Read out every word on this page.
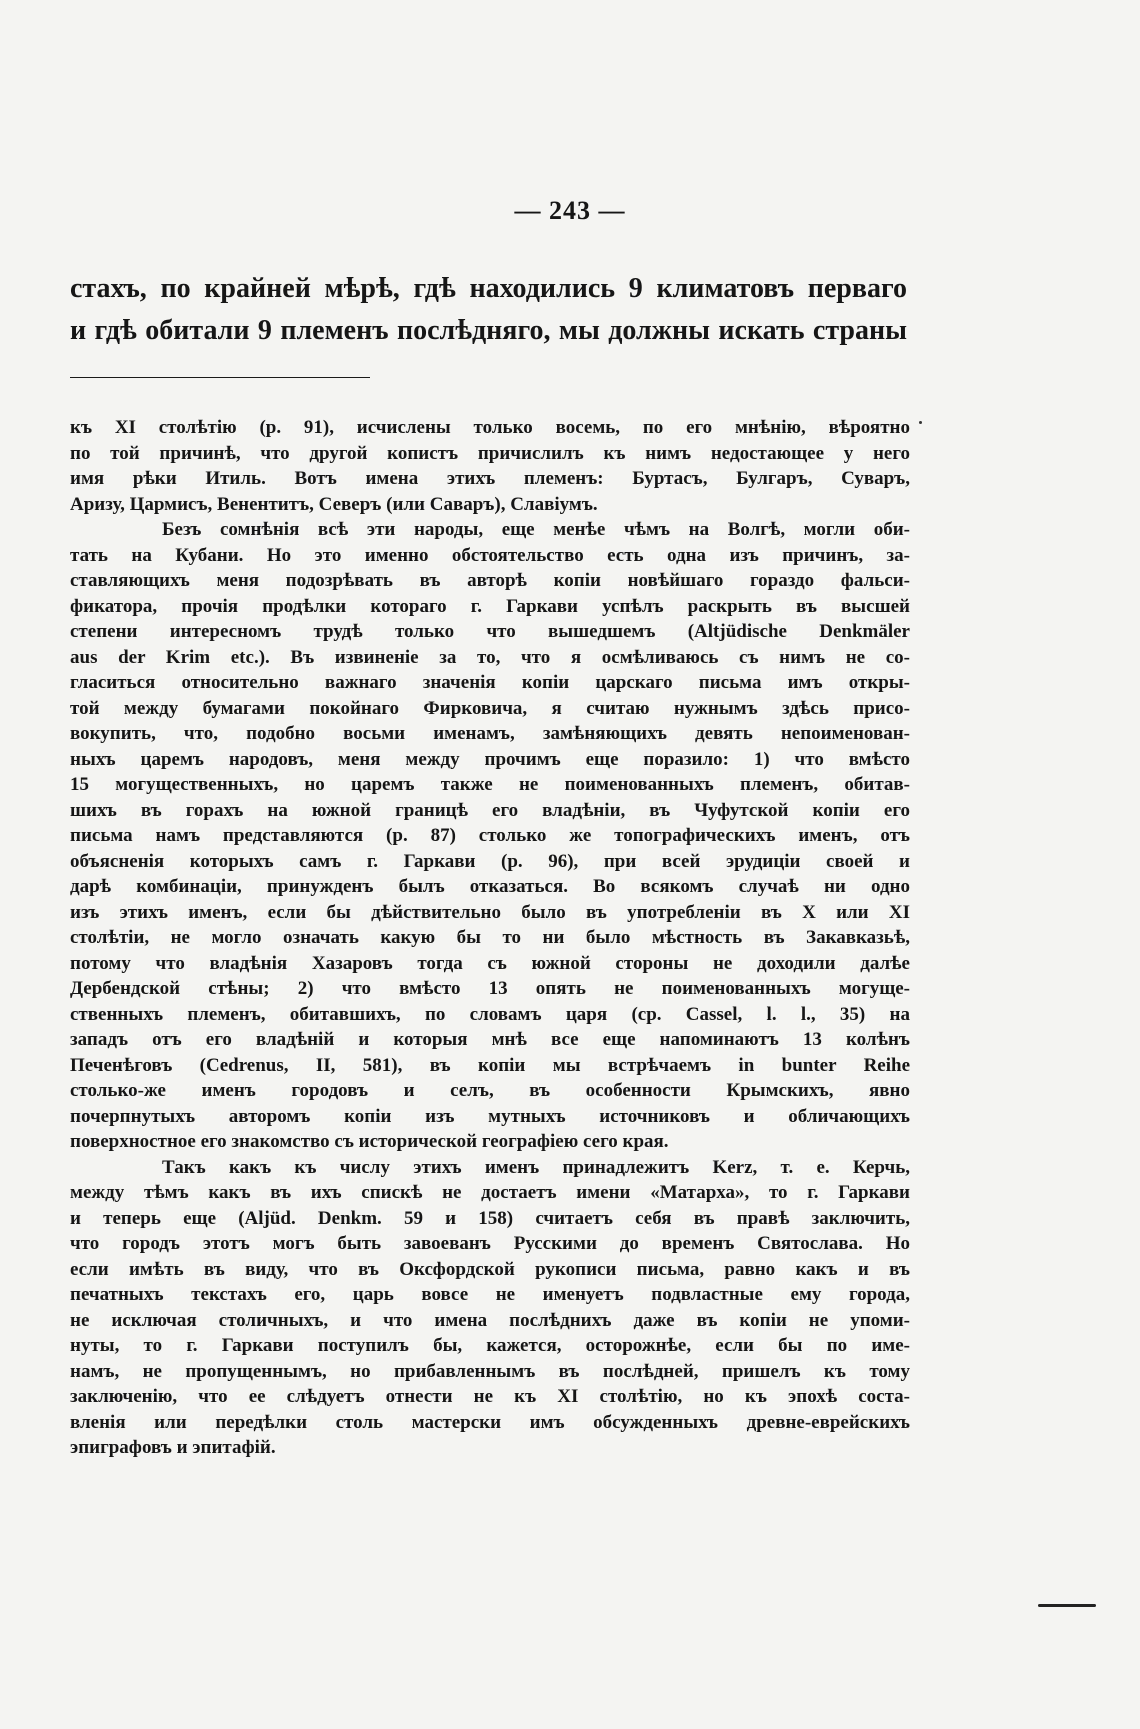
— 243 —
стахъ, по крайней мѣрѣ, гдѣ находились 9 климатовъ перваго
и гдѣ обитали 9 племенъ послѣдняго, мы должны искать страны
къ XI столѣтію (р. 91), исчислены только восемь, по его мнѣнію, вѣроятно
по той причинѣ, что другой копистъ причислилъ къ нимъ недостающее у него
имя рѣки Итиль. Вотъ имена этихъ племенъ: Буртасъ, Булгаръ, Суваръ,
Аризу, Цармисъ, Венентитъ, Северъ (или Саваръ), Славіумъ.
Безъ сомнѣнія всѣ эти народы, еще менѣе чѣмъ на Волгѣ, могли оби-
тать на Кубани. Но это именно обстоятельство есть одна изъ причинъ, за-
ставляющихъ меня подозрѣвать въ авторѣ копіи новѣйшаго гораздо фальси-
фикатора, прочія продѣлки котораго г. Гаркави успѣлъ раскрыть въ высшей
степени интересномъ трудѣ только что вышедшемъ (Altjüdische Denkmäler
aus der Krim etc.). Въ извиненіе за то, что я осмѣливаюсь съ нимъ не со-
гласиться относительно важнаго значенія копіи царскаго письма имъ откры-
той между бумагами покойнаго Фирковича, я считаю нужнымъ здѣсь присо-
вокупить, что, подобно восьми именамъ, замѣняющихъ девять непоименован-
ныхъ царемъ народовъ, меня между прочимъ еще поразило: 1) что вмѣсто
15 могущественныхъ, но царемъ также не поименованныхъ племенъ, обитав-
шихъ въ горахъ на южной границѣ его владѣніи, въ Чуфутской копіи его
письма намъ представляются (р. 87) столько же топографическихъ именъ, отъ
объясненія которыхъ самъ г. Гаркави (р. 96), при всей эрудиціи своей и
дарѣ комбинаціи, принужденъ былъ отказаться. Во всякомъ случаѣ ни одно
изъ этихъ именъ, если бы дѣйствительно было въ употребленіи въ X или XI
столѣтіи, не могло означать какую бы то ни было мѣстность въ Закавказьѣ,
потому что владѣнія Хазаровъ тогда съ южной стороны не доходили далѣе
Дербендской стѣны; 2) что вмѣсто 13 опять не поименованныхъ могуще-
ственныхъ племенъ, обитавшихъ, по словамъ царя (ср. Cassel, l. l., 35) на
западъ отъ его владѣній и которыя мнѣ все еще напоминаютъ 13 колѣнъ
Печенѣговъ (Cedrenus, II, 581), въ копіи мы встрѣчаемъ in bunter Reihe
столько-же именъ городовъ и селъ, въ особенности Крымскихъ, явно
почерпнутыхъ авторомъ копіи изъ мутныхъ источниковъ и обличающихъ
поверхностное его знакомство съ исторической географіею сего края.
Такъ какъ къ числу этихъ именъ принадлежитъ Kerz, т. е. Керчь,
между тѣмъ какъ въ ихъ спискѣ не достаетъ имени «Матарха», то г. Гаркави
и теперь еще (Aljüd. Denkm. 59 и 158) считаетъ себя въ правѣ заключить,
что городъ этотъ могъ быть завоеванъ Русскими до временъ Святослава. Но
если имѣть въ виду, что въ Оксфордской рукописи письма, равно какъ и въ
печатныхъ текстахъ его, царь вовсе не именуетъ подвластные ему города,
не исключая столичныхъ, и что имена послѣднихъ даже въ копіи не упоми-
нуты, то г. Гаркави поступилъ бы, кажется, осторожнѣе, если бы по име-
намъ, не пропущеннымъ, но прибавленнымъ въ послѣдней, пришелъ къ тому
заключенію, что ее слѣдуетъ отнести не къ XI столѣтію, но къ эпохѣ соста-
вленія или передѣлки столь мастерски имъ обсужденныхъ древне-еврейскихъ
эпиграфовъ и эпитафій.
